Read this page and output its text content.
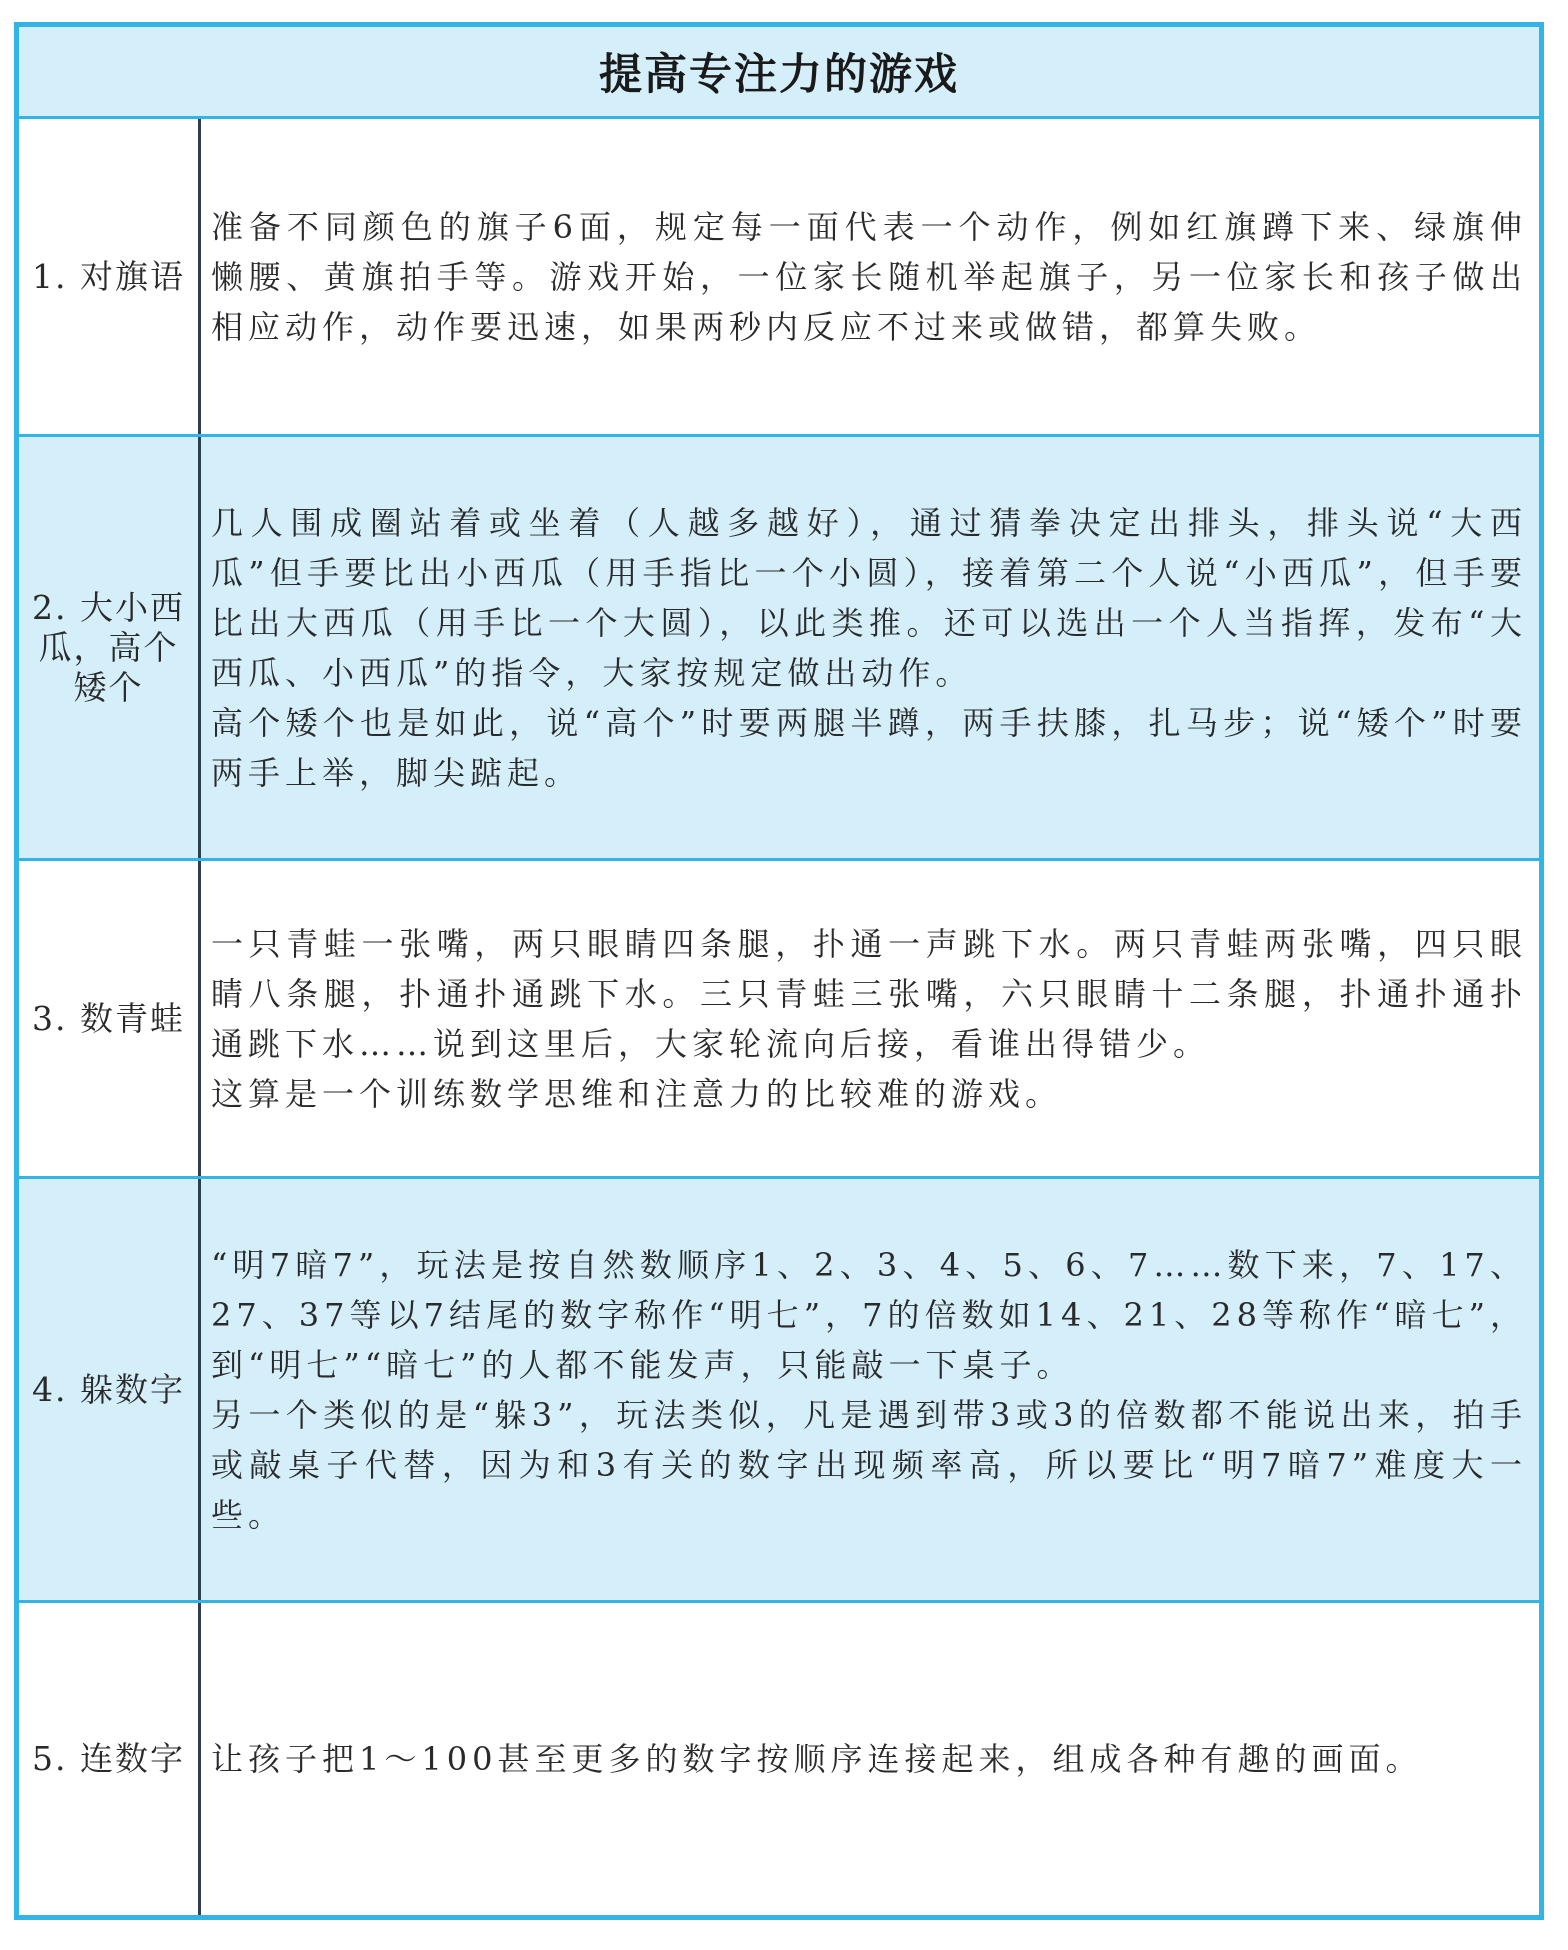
提高专注力的游戏
1. 对旗语

准备不同颜色的旗子6面，规定每一面代表一个动作，例如红旗蹲下来、绿旗伸懒腰、黄旗拍手等。游戏开始，一位家长随机举起旗子，另一位家长和孩子做出相应动作，动作要迅速，如果两秒内反应不过来或做错，都算失败。

2. 大小西瓜，高个矮个

几人围成圈站着或坐着（人越多越好），通过猜拳决定出排头，排头说“大西瓜”但手要比出小西瓜（用手指比一个小圆），接着第二个人说“小西瓜”，但手要比出大西瓜（用手比一个大圆），以此类推。还可以选出一个人当指挥，发布“大西瓜、小西瓜”的指令，大家按规定做出动作。

高个矮个也是如此，说“高个”时要两腿半蹲，两手扶膝，扎马步；说“矮个”时要两手上举，脚尖踮起。

3. 数青蛙

一只青蛙一张嘴，两只眼睛四条腿，扑通一声跳下水。两只青蛙两张嘴，四只眼睛八条腿，扑通扑通跳下水。三只青蛙三张嘴，六只眼睛十二条腿，扑通扑通扑通跳下水……说到这里后，大家轮流向后接，看谁出得错少。

这算是一个训练数学思维和注意力的比较难的游戏。

4. 躲数字

“明7暗7”，玩法是按自然数顺序1、2、3、4、5、6、7……数下来，7、17、27、37等以7结尾的数字称作“明七”，7的倍数如14、21、28等称作“暗七”，到“明七”“暗七”的人都不能发声，只能敲一下桌子。

另一个类似的是“躲3”，玩法类似，凡是遇到带3或3的倍数都不能说出来，拍手或敲桌子代替，因为和3有关的数字出现频率高，所以要比“明7暗7”难度大一些。

5. 连数字 让孩子把1～100甚至更多的数字按顺序连接起来，组成各种有趣的画面。
